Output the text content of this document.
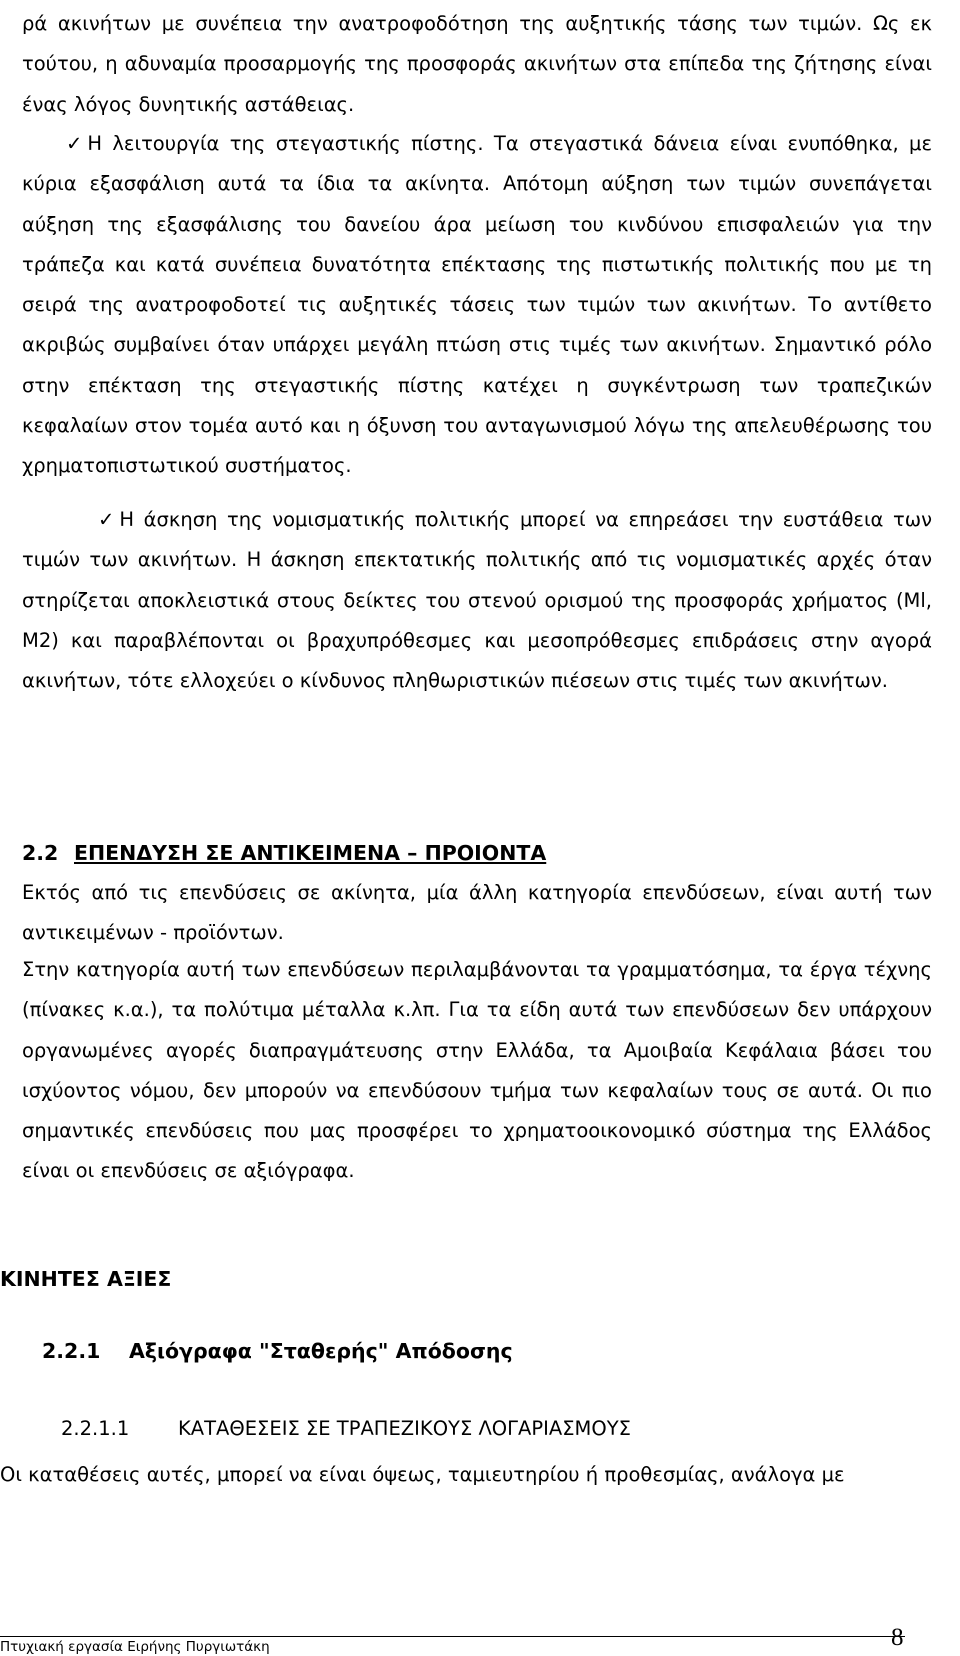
ρά ακινήτων με συνέπεια την ανατροφοδότηση της αυξητικής τάσης των τιμών. Ως εκ τούτου, η αδυναμία προσαρμογής της προσφοράς ακινήτων στα επίπεδα της ζήτησης είναι ένας λόγος δυνητικής αστάθειας.

✓ Η λειτουργία της στεγαστικής πίστης. Τα στεγαστικά δάνεια είναι ενυπόθηκα, με κύρια εξασφάλιση αυτά τα ίδια τα ακίνητα. Απότομη αύξηση των τιμών συνεπάγεται αύξηση της εξασφάλισης του δανείου άρα μείωση του κινδύνου επισφαλειών για την τράπεζα και κατά συνέπεια δυνατότητα επέκτασης της πιστωτικής πολιτικής που με τη σειρά της ανατροφοδοτεί τις αυξητικές τάσεις των τιμών των ακινήτων. Το αντίθετο ακριβώς συμβαίνει όταν υπάρχει μεγάλη πτώση στις τιμές των ακινήτων. Σημαντικό ρόλο στην επέκταση της στεγαστικής πίστης κατέχει η συγκέντρωση των τραπεζικών κεφαλαίων στον τομέα αυτό και η όξυνση του ανταγωνισμού λόγω της απελευθέρωσης του χρηματοπιστωτικού συστήματος.

✓ Η άσκηση της νομισματικής πολιτικής μπορεί να επηρεάσει την ευστάθεια των τιμών των ακινήτων. Η άσκηση επεκτατικής πολιτικής από τις νομισματικές αρχές όταν στηρίζεται αποκλειστικά στους δείκτες του στενού ορισμού της προσφοράς χρήματος (Μl, Μ2) και παραβλέπονται οι βραχυπρόθεσμες και μεσοπρόθεσμες επιδράσεις στην αγορά ακινήτων, τότε ελλοχεύει ο κίνδυνος πληθωριστικών πιέσεων στις τιμές των ακινήτων.

2.2 ΕΠΕΝΔΥΣΗ ΣΕ ΑΝΤΙΚΕΙΜΕΝΑ – ΠΡΟΙΟΝΤΑ

Εκτός από τις επενδύσεις σε ακίνητα, μία άλλη κατηγορία επενδύσεων, είναι αυτή των αντικειμένων - προϊόντων.

Στην κατηγορία αυτή των επενδύσεων περιλαμβάνονται τα γραμματόσημα, τα έργα τέχνης (πίνακες κ.α.), τα πολύτιμα μέταλλα κ.λπ. Για τα είδη αυτά των επενδύσεων δεν υπάρχουν οργανωμένες αγορές διαπραγμάτευσης στην Ελλάδα, τα Αμοιβαία Κεφάλαια βάσει του ισχύοντος νόμου, δεν μπορούν να επενδύσουν τμήμα των κεφαλαίων τους σε αυτά. Οι πιο σημαντικές επενδύσεις που μας προσφέρει το χρηματοοικονομικό σύστημα της Ελλάδος είναι οι επενδύσεις σε αξιόγραφα.

ΚΙΝΗΤΕΣ ΑΞΙΕΣ
2.2.1 Αξιόγραφα "Σταθερής" Απόδοσης
2.2.1.1	ΚΑΤΑΘΕΣΕΙΣ ΣΕ ΤΡΑΠΕΖΙΚΟΥΣ ΛΟΓΑΡΙΑΣΜΟΥΣ

Οι καταθέσεις αυτές, μπορεί να είναι όψεως, ταμιευτηρίου ή προθεσμίας, ανάλογα με

Πτυχιακή εργασία Ειρήνης Πυργιωτάκη	8
